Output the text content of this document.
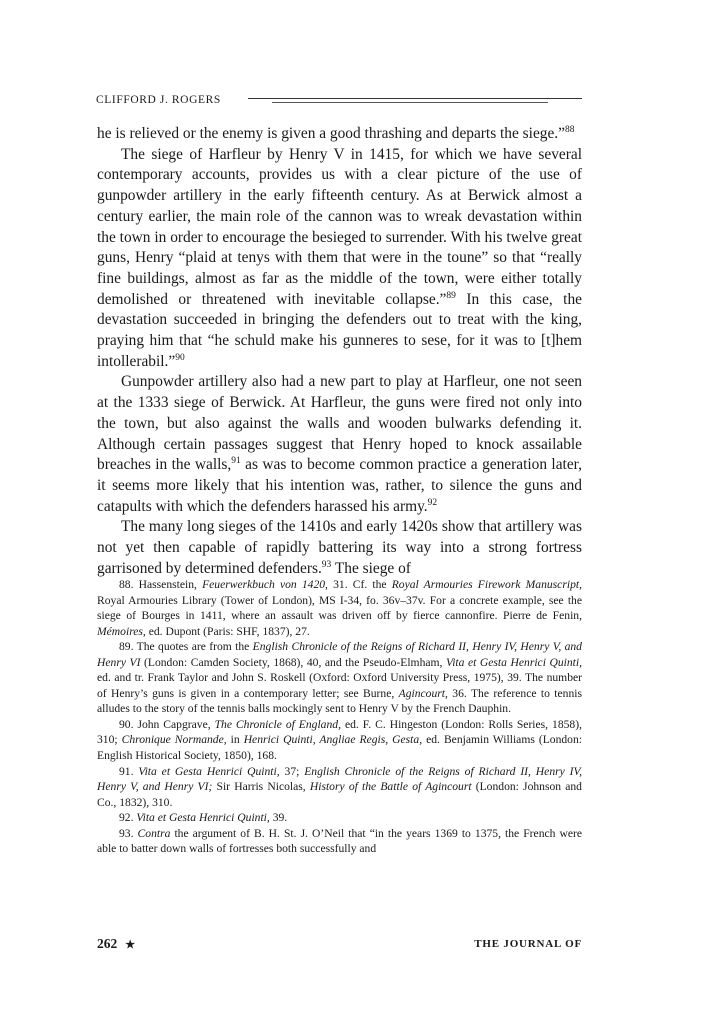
CLIFFORD J. ROGERS

he is relieved or the enemy is given a good thrashing and departs the siege.”$^{88}$

The siege of Harfleur by Henry V in 1415, for which we have several contemporary accounts, provides us with a clear picture of the use of gunpowder artillery in the early fifteenth century. As at Berwick almost a century earlier, the main role of the cannon was to wreak devastation within the town in order to encourage the besieged to surrender. With his twelve great guns, Henry “plaid at tenys with them that were in the toune” so that “really fine buildings, almost as far as the middle of the town, were either totally demolished or threatened with inevitable collapse.”$^{89}$ In this case, the devastation succeeded in bringing the defenders out to treat with the king, praying him that “he schuld make his gunneres to sese, for it was to [t]hem intollerabil.”$^{90}$

Gunpowder artillery also had a new part to play at Harfleur, one not seen at the 1333 siege of Berwick. At Harfleur, the guns were fired not only into the town, but also against the walls and wooden bulwarks defending it. Although certain passages suggest that Henry hoped to knock assailable breaches in the walls,$^{91}$ as was to become common practice a generation later, it seems more likely that his intention was, rather, to silence the guns and catapults with which the defenders harassed his army.$^{92}$

The many long sieges of the 1410s and early 1420s show that artillery was not yet then capable of rapidly battering its way into a strong fortress garrisoned by determined defenders.$^{93}$ The siege of

88. Hassenstein, Feuerwerkbuch von 1420, 31. Cf. the Royal Armouries Firework Manuscript, Royal Armouries Library (Tower of London), MS I-34, fo. 36v–37v. For a concrete example, see the siege of Bourges in 1411, where an assault was driven off by fierce cannonfire. Pierre de Fenin, Mémoires, ed. Dupont (Paris: SHF, 1837), 27.

89. The quotes are from the English Chronicle of the Reigns of Richard II, Henry IV, Henry V, and Henry VI (London: Camden Society, 1868), 40, and the Pseudo-Elmham, Vita et Gesta Henrici Quinti, ed. and tr. Frank Taylor and John S. Roskell (Oxford: Oxford University Press, 1975), 39. The number of Henry’s guns is given in a contemporary letter; see Burne, Agincourt, 36. The reference to tennis alludes to the story of the tennis balls mockingly sent to Henry V by the French Dauphin.

90. John Capgrave, The Chronicle of England, ed. F. C. Hingeston (London: Rolls Series, 1858), 310; Chronique Normande, in Henrici Quinti, Angliae Regis, Gesta, ed. Benjamin Williams (London: English Historical Society, 1850), 168.

91. Vita et Gesta Henrici Quinti, 37; English Chronicle of the Reigns of Richard II, Henry IV, Henry V, and Henry VI; Sir Harris Nicolas, History of the Battle of Agincourt (London: Johnson and Co., 1832), 310.

92. Vita et Gesta Henrici Quinti, 39.

93. Contra the argument of B. H. St. J. O’Neil that “in the years 1369 to 1375, the French were able to batter down walls of fortresses both successfully and

262 ★	THE JOURNAL OF
